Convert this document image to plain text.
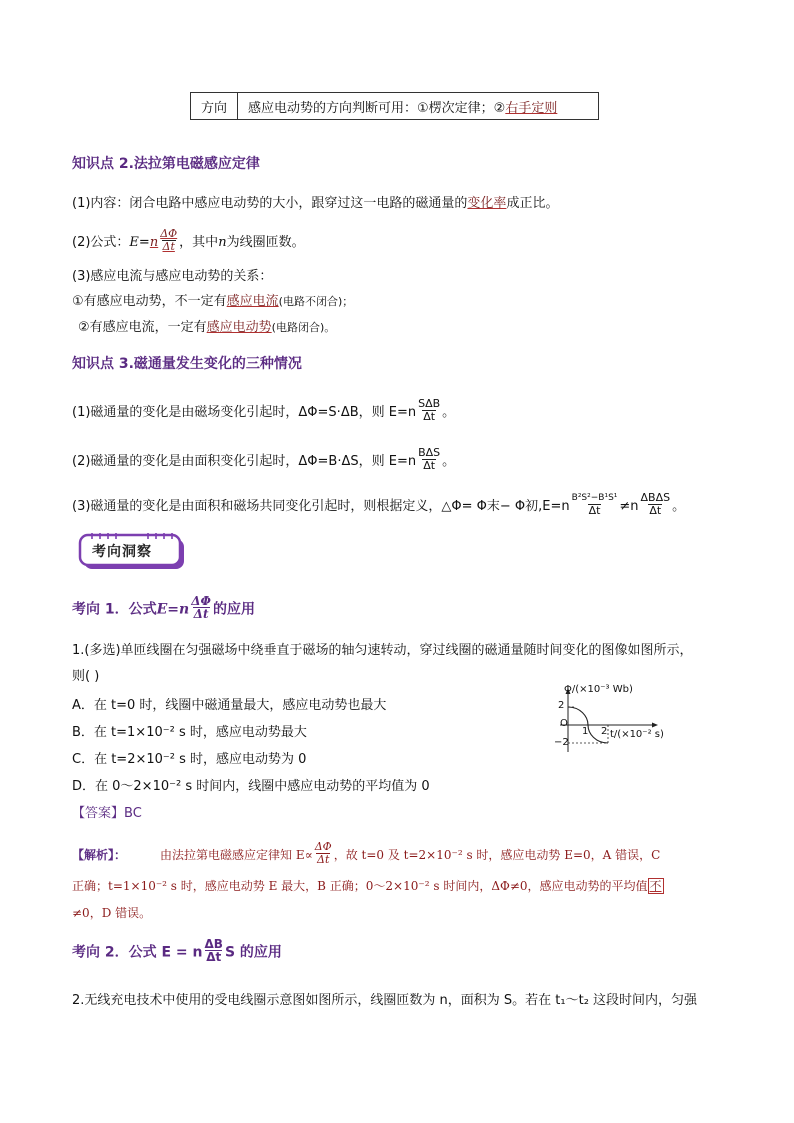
方向	感应电动势的方向判断可用：①楞次定律；②右手定则
知识点 2.法拉第电磁感应定律
(1)内容：闭合电路中感应电动势的大小，跟穿过这一电路的磁通量的变化率成正比。
(2)公式：$E=n \frac{\Delta\Phi}{\Delta t}$ ，其中n为线圈匝数。
(3)感应电流与感应电动势的关系：
①有感应电动势，不一定有感应电流(电路不闭合)；
②有感应电流，一定有感应电动势(电路闭合)。
知识点 3.磁通量发生变化的三种情况
(1)磁通量的变化是由磁场变化引起时，ΔΦ=S·ΔB，则 $E=n \frac{\text{SΔB}}{\Delta t}$ 。
(2)磁通量的变化是由面积变化引起时，ΔΦ=B·ΔS，则 $E=n \frac{\text{BΔS}}{\Delta t}$ 。
(3)磁通量的变化是由面积和磁场共同变化引起时，则根据定义，△Φ= Φ末− Φ初$,E=n \frac{\text{B²S²−B¹S¹}}{\Delta t} \ne n \frac{\text{ΔBΔS}}{\Delta t}$ 。
考向洞察
考向 1．公式$E=n \frac{\Delta\Phi}{\Delta t}$ 的应用
1.(多选)单匝线圈在匀强磁场中绕垂直于磁场的轴匀速转动，穿过线圈的磁通量随时间变化的图像如图所示，
则( )
A．在 t=0 时，线圈中磁通量最大，感应电动势也最大
B．在 t=1×10⁻² s 时，感应电动势最大
C．在 t=2×10⁻² s 时，感应电动势为 0
D．在 0～2×10⁻² s 时间内，线圈中感应电动势的平均值为 0
Φ/(×10⁻³ Wb)
2
O
−2
1 2 t/(×10⁻² s)
【答案】BC
【解析】：	由法拉第电磁感应定律知 $E\propto \frac{\Delta\Phi}{\Delta t}$ ，故 t=0 及 t=2×10⁻² s 时，感应电动势 E=0，A 错误，C
正确；t=1×10⁻² s 时，感应电动势 E 最大，B 正确；0～2×10⁻² s 时间内，ΔΦ≠0，感应电动势的平均值 不
≠0，D 错误。
考向 2．公式 E = n $\frac{\Delta B}{\Delta t}$ S 的应用
2.无线充电技术中使用的受电线圈示意图如图所示，线圈匝数为 n，面积为 S。若在 t₁～t₂ 这段时间内，匀强
